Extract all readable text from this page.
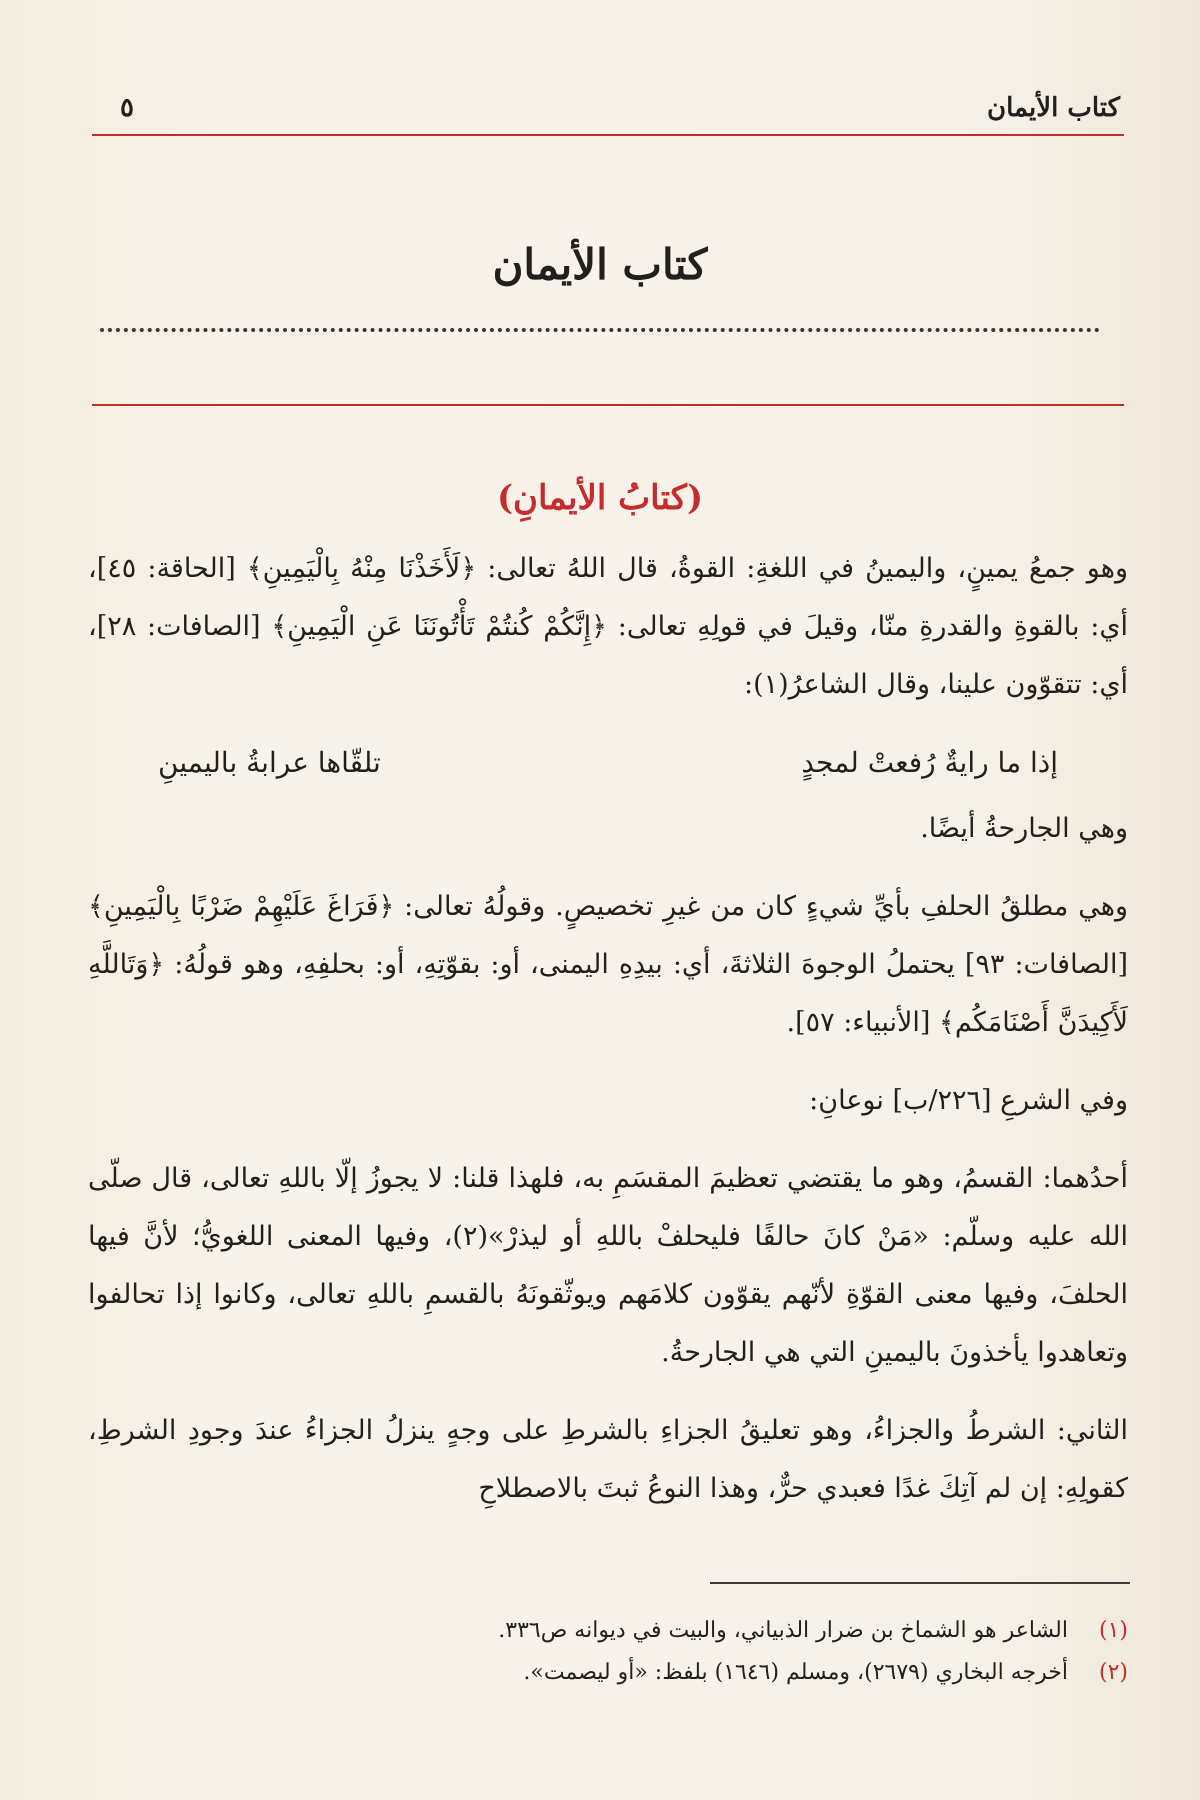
كتاب الأيمان
٥
كتاب الأيمان
(كتابُ الأيمانِ)

وهو جمعُ يمينٍ، واليمينُ في اللغةِ: القوةُ، قال اللهُ تعالى: ﴿لَأَخَذْنَا مِنْهُ بِالْيَمِينِ﴾ [الحاقة: ٤٥]، أي: بالقوةِ والقدرةِ منّا، وقيلَ في قولِهِ تعالى: ﴿إِنَّكُمْ كُنتُمْ تَأْتُونَنَا عَنِ الْيَمِينِ﴾ [الصافات: ٢٨]، أي: تتقوّون علينا، وقال الشاعرُ(١):

إذا ما رايةٌ رُفعتْ لمجدٍ
تلقّاها عرابةُ باليمينِ

وهي الجارحةُ أيضًا.

وهي مطلقُ الحلفِ بأيِّ شيءٍ كان من غيرِ تخصيصٍ. وقولُهُ تعالى: ﴿فَرَاغَ عَلَيْهِمْ ضَرْبًا بِالْيَمِينِ﴾ [الصافات: ٩٣] يحتملُ الوجوهَ الثلاثةَ، أي: بيدِهِ اليمنى، أو: بقوّتِهِ، أو: بحلفِهِ، وهو قولُهُ: ﴿وَتَاللَّهِ لَأَكِيدَنَّ أَصْنَامَكُم﴾ [الأنبياء: ٥٧].

وفي الشرعِ [٢٢٦/ب] نوعانِ:

أحدُهما: القسمُ، وهو ما يقتضي تعظيمَ المقسَمِ به، فلهذا قلنا: لا يجوزُ إلّا باللهِ تعالى، قال صلّى الله عليه وسلّم: «مَنْ كانَ حالفًا فليحلفْ باللهِ أو ليذرْ»(٢)، وفيها المعنى اللغويُّ؛ لأنَّ فيها الحلفَ، وفيها معنى القوّةِ لأنّهم يقوّون كلامَهم ويوثّقونَهُ بالقسمِ باللهِ تعالى، وكانوا إذا تحالفوا وتعاهدوا يأخذونَ باليمينِ التي هي الجارحةُ.

الثاني: الشرطُ والجزاءُ، وهو تعليقُ الجزاءِ بالشرطِ على وجهٍ ينزلُ الجزاءُ عندَ وجودِ الشرطِ، كقولِهِ: إن لم آتِكَ غدًا فعبدي حرٌّ، وهذا النوعُ ثبتَ بالاصطلاحِ

(١)
الشاعر هو الشماخ بن ضرار الذبياني، والبيت في ديوانه ص٣٣٦.
(٢)
أخرجه البخاري (٢٦٧٩)، ومسلم (١٦٤٦) بلفظ: «أو ليصمت».
